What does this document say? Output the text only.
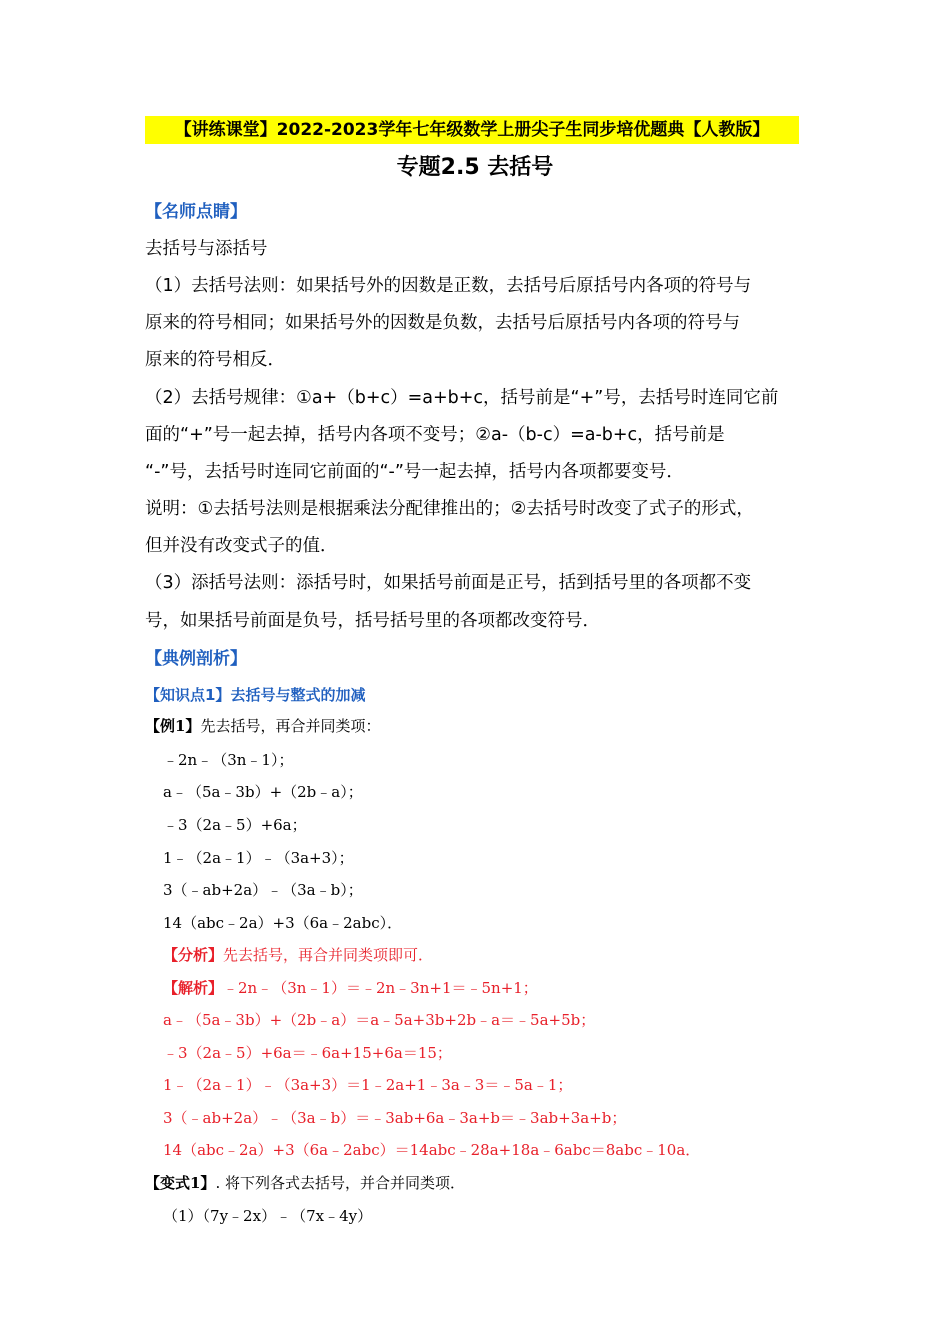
【讲练课堂】2022-2023学年七年级数学上册尖子生同步培优题典【人教版】
专题2.5 去括号
【名师点睛】
去括号与添括号
（1）去括号法则：如果括号外的因数是正数，去括号后原括号内各项的符号与
原来的符号相同；如果括号外的因数是负数，去括号后原括号内各项的符号与
原来的符号相反．
（2）去括号规律：①a+（b+c）=a+b+c，括号前是“+”号，去括号时连同它前
面的“+”号一起去掉，括号内各项不变号；②a-（b-c）=a-b+c，括号前是
“-”号，去括号时连同它前面的“-”号一起去掉，括号内各项都要变号．
说明：①去括号法则是根据乘法分配律推出的；②去括号时改变了式子的形式，
但并没有改变式子的值．
（3）添括号法则：添括号时，如果括号前面是正号，括到括号里的各项都不变
号，如果括号前面是负号，括号括号里的各项都改变符号．
【典例剖析】
【知识点1】去括号与整式的加减
【例1】先去括号，再合并同类项：
﹣2n﹣（3n﹣1）；
a﹣（5a﹣3b）+（2b﹣a）；
﹣3（2a﹣5）+6a；
1﹣（2a﹣1）﹣（3a+3）；
3（﹣ab+2a）﹣（3a﹣b）；
14（abc﹣2a）+3（6a﹣2abc）．
【分析】先去括号，再合并同类项即可．
【解析】﹣2n﹣（3n﹣1）＝﹣2n﹣3n+1＝﹣5n+1；
a﹣（5a﹣3b）+（2b﹣a）＝a﹣5a+3b+2b﹣a＝﹣5a+5b；
﹣3（2a﹣5）+6a＝﹣6a+15+6a＝15；
1﹣（2a﹣1）﹣（3a+3）＝1﹣2a+1﹣3a﹣3＝﹣5a﹣1；
3（﹣ab+2a）﹣（3a﹣b）＝﹣3ab+6a﹣3a+b＝﹣3ab+3a+b；
14（abc﹣2a）+3（6a﹣2abc）＝14abc﹣28a+18a﹣6abc＝8abc﹣10a．
【变式1】. 将下列各式去括号，并合并同类项．
（1）（7y﹣2x）﹣（7x﹣4y）
